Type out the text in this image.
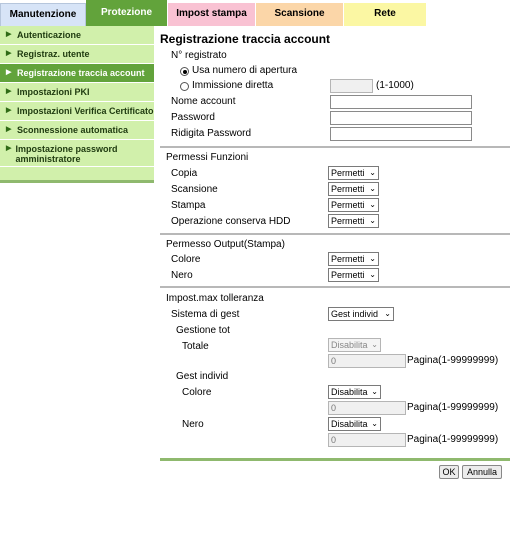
Manutenzione	Protezione	Impost stampa	Scansione	Rete
▶ Autenticazione
▶ Registraz. utente
▶ Registrazione traccia account
▶ Impostazioni PKI
▶ Impostazioni Verifica Certificato
▶ Sconnessione automatica
▶ Impostazione password amministratore
Registrazione traccia account
N° registrato
Usa numero di apertura
Immissione diretta	(1-1000)
Nome account
Password
Ridigita Password
Permessi Funzioni
Copia	Permetti ⌄
Scansione	Permetti ⌄
Stampa	Permetti ⌄
Operazione conserva HDD	Permetti ⌄
Permesso Output(Stampa)
Colore	Permetti ⌄
Nero	Permetti ⌄
Impost.max tolleranza
Sistema di gest	Gest individ ⌄
Gestione tot
Totale	Disabilita ⌄
0	Pagina(1-99999999)
Gest individ
Colore	Disabilita ⌄
0	Pagina(1-99999999)
Nero	Disabilita ⌄
0	Pagina(1-99999999)
OK	Annulla
